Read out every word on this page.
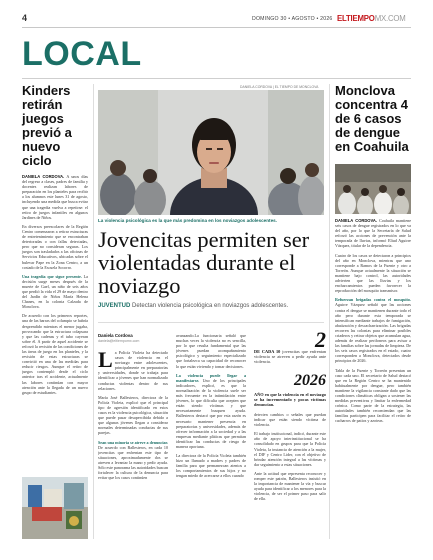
4	DOMINGO 30 • AGOSTO • 2026 ELTIEMPOMX.COM
LOCAL
Kinders retirán juegos previó a nuevo ciclo
DANIELA CORDOVA. A unos días del regreso a clases, padres de familia y docentes realizan labores de preparación en los planteles para recibir a los alumnos este lunes 31 de agosto, incluyendo una medida que busca evitar que una tragedia vuelva a repetirse: el retiro de juegos infantiles en algunos Jardines de Niños.
En diversos preescolares de la Región Centro comenzaron a retirar estructuras de entretenimiento que se encontraban deterioradas o con fallas detectadas, pero que no consideran seguras. Los juegos son trasladados a las oficinas de Servicios Educativos, ubicadas sobre el bulevar Pape en la Zona Centro, a un costado de la Escuela Socorro.
Una tragedia que sigue presente. La decisión surge meses después de la muerte de Gael, un niño de seis años que perdió la vida el 29 de mayo dentro del Jardín de Niños María Helena Chanes, en la colonia Calzada de Monclova.
De acuerdo con los primeros reportes, una de las barras del columpio se habría desprendido mientras el menor jugaba, provocando que la estructura colapsara y que las cadenas y el tubo cayeran sobre él. A partir de aquel accidente se reforzó la revisión de las condiciones de las áreas de juego en los planteles, y la revisión de estas estructuras se convirtió en una de las medidas para reducir riesgos. Aunque el retiro de juegos contempló desde el ciclo anterior tras el accidente, actualmente las labores continúan con mayor atención ante la llegada de un nuevo grupo de estudiantes.
DANIELA CORDOVA | EL TIEMPO DE MONCLOVA
La violencia psicológica es la que más predomina en los noviazgos adolescentes.
Jovencitas permiten ser violentadas durante el noviazgo
JUVENTUD Detectan violencia psicológica en noviazgos adolescentes.
Daniela Cordova
daniela@eltiempomx.com
L a Policía Violeta ha detectado casos de violencia en el noviazgo entre adolescentes, principalmente en preparatorias y universidades, donde se trabaja para identificar a jóvenes que han normalizado conductas violentas dentro de sus relaciones.
María José Ballesteros, directora de la Policía Violeta, explicó que el principal tipo de agresión identificado en estos casos es la violencia psicológica, situación que puede pasar desapercibida debido a que algunas jóvenes llegan a considerar normales determinadas conductas de sus parejas.
Sean una minoría se atreve a denunciar. De acuerdo con Ballesteros, en cada 10 jovencitas que enfrentan este tipo de situaciones, aproximadamente dos se atreven a levantar la mano y pedir ayuda. Sólo este panorama las autoridades buscan fortalecer la cultura de la denuncia para evitar que los casos continúen
avanzando.La funcionaria señaló que muchas veces la violencia no es sencilla, por lo que resulta fundamental que las jóvenes puedan acompañamiento psicológico y seguimiento especializado que fortalezca su capacidad de reconocer lo que están viviendo y tomar decisiones.
La violencia puede llegar a manifestarse. Uno de los principales indicadores, explicó, es que la normalización de la violencia suele ser más frecuente en la intimidación entre jóvenes, lo que dificulta que acepten que están siendo víctimas y que necesariamente busquen ayuda. Ballesteros destacó que por esta razón es necesario mantener presencia en preparatorias y universidades, además de ofrecer información a la sociedad y a las empresas mediante pláticas que permitan identificar las conductas de riesgo de manera oportuna.
La directora de la Policía Violeta también hizo un llamado a madres y padres de familia para que permanezcan atentos a los comportamientos de sus hijos y no tengan miedo de acercarse a ellos cuando
2
DE CADA 10 jovencitas que enfrentan violencia se atreven a pedir ayuda ante violencia.
2026
AÑO en que la violencia en el noviazgo se ha incrementado y pocas víctimas denuncian.
detecten cambios o señales que puedan indicar que están siendo víctima de violencia.
El trabajo institucional, indicó, durante este año de apoyo interinstitucional se ha consolidado en grupos para que la Policía Violeta, la instancia de atención a la mujer, el DIF y Centro Lider, con el objetivo de brindar atención integral a las víctimas y dar seguimiento a estas situaciones.
Ante la actitud que representa reconocer y romper este patrón, Ballesteros insistió en la importancia de mantener la vía y buscar ayuda para identificar a los menores para la violencia, de ser el primer paso para salir de ella.
Monclova concentra 4 de 6 casos de dengue en Coahuila
DANIELA CORDOVA. Coahuila mantiene seis casos de dengue registrados en lo que va del año, por lo que la Secretaría de Salud reforzó las acciones de prevención ante la temporada de lluvias, informó Eliud Aguirre Vázquez, titular de la dependencia.
Cuatro de los casos se detectaron a principios del año en Monclova, mientras que uno corresponde a Ramos de la Fuente y otro a Torreón. Aunque actualmente la situación se mantiene bajo control, las autoridades advierten que las lluvias y los encharcamientos pueden favorecer la reproducción del mosquito transmisor.
Refuerzan brigadas contra el mosquito. Aguirre Vázquez señaló que las acciones contra el dengue se mantienen durante todo el año pero durante esta temporada se intensifican mediante trabajos de fumigación, abatización y descacharrización. Las brigadas recorren las colonias para eliminar posibles criaderos y retirar objetos que acumulan agua, además de realizar perifoneos para avisar a las familias sobre las jornadas de limpieza. De los seis casos registrados en el estado, cuatro corresponden a Monclova, detectados desde principios de 2026.
Tabla de la Fuente y Torreón presentan un caso cada uno. El secretario de Salud destacó que en la Región Centro se ha mantenido habitualmente por dengue, pero también mantiene la vigilancia constante dado que las condiciones climáticas obligan a sostener las medidas preventivas y limitar la enfermedad crónica. Como parte de la estrategia, las autoridades también recomiendan que las familias participen para facilitar el retiro de cacharros de patios y azoteas.
